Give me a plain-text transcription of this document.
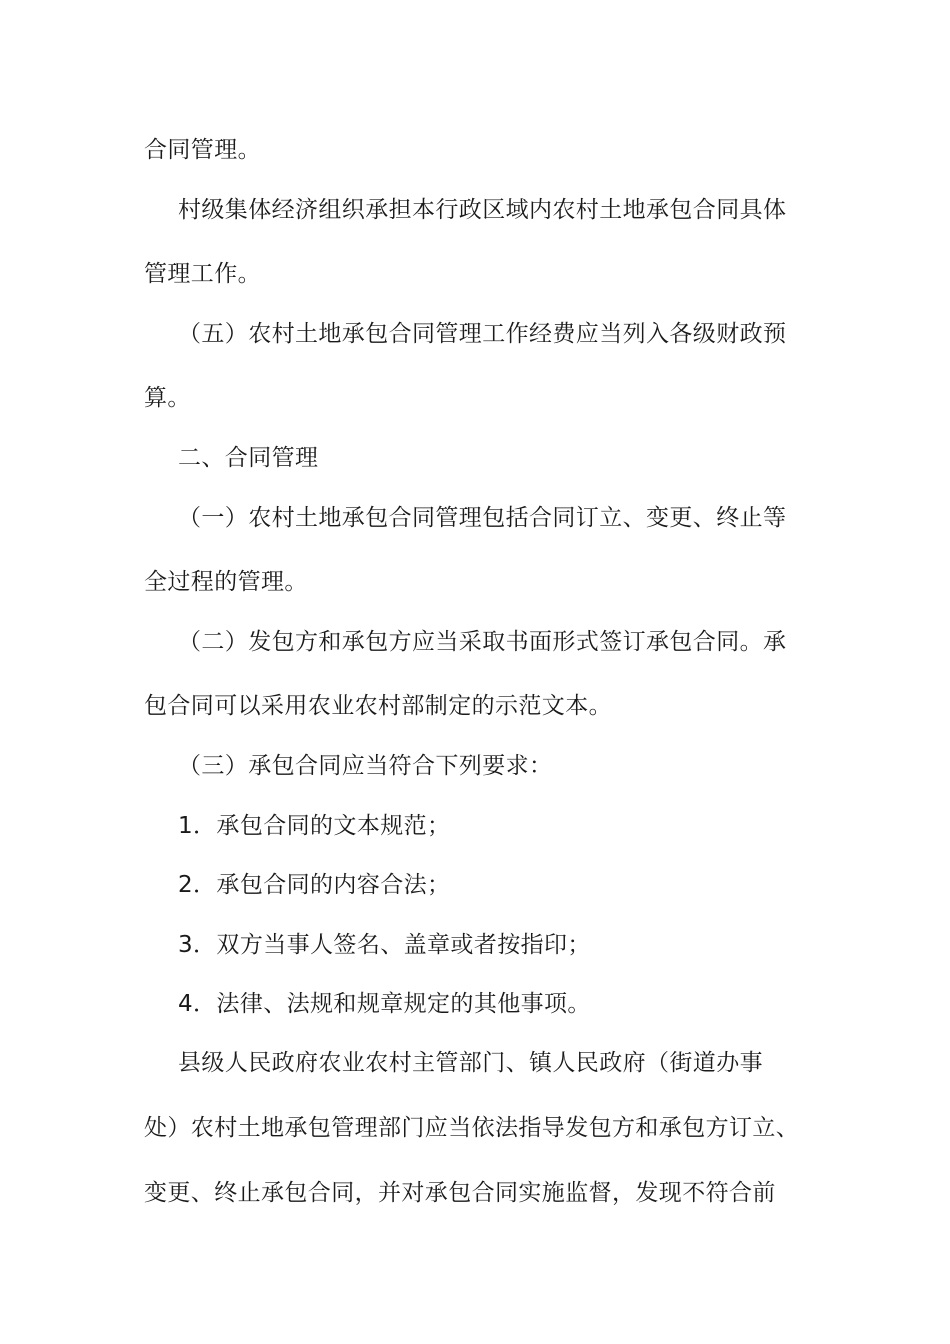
合同管理。
村级集体经济组织承担本行政区域内农村土地承包合同具体
管理工作。
（五）农村土地承包合同管理工作经费应当列入各级财政预
算。
二、合同管理
（一）农村土地承包合同管理包括合同订立、变更、终止等
全过程的管理。
（二）发包方和承包方应当采取书面形式签订承包合同。承
包合同可以采用农业农村部制定的示范文本。
（三）承包合同应当符合下列要求：
1．承包合同的文本规范；
2．承包合同的内容合法；
3．双方当事人签名、盖章或者按指印；
4．法律、法规和规章规定的其他事项。
县级人民政府农业农村主管部门、镇人民政府（街道办事
处）农村土地承包管理部门应当依法指导发包方和承包方订立、
变更、终止承包合同，并对承包合同实施监督，发现不符合前
